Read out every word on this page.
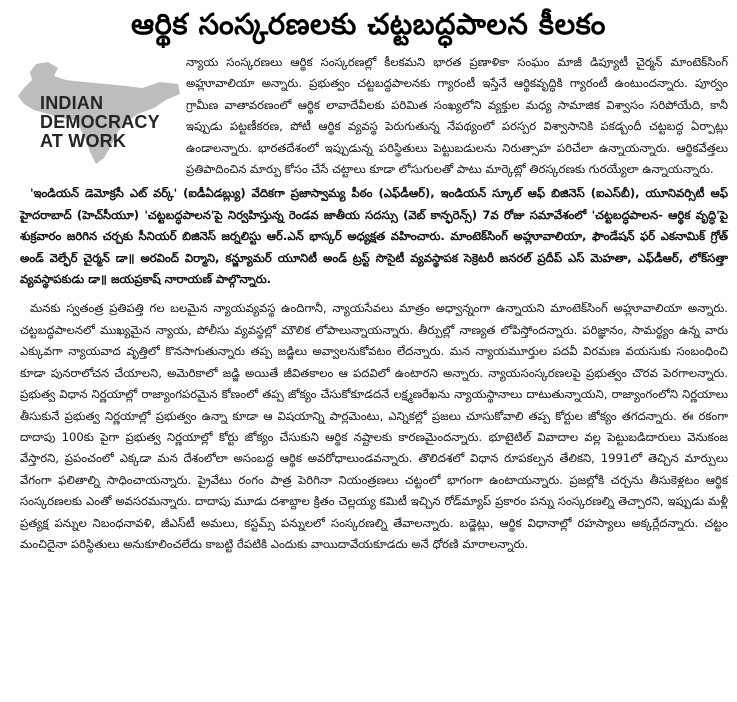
ఆర్థిక సంస్కరణలకు చట్టబద్ధపాలన కీలకం
INDIAN
DEMOCRACY
AT WORK

న్యాయ సంస్కరణలు ఆర్థిక సంస్కరణల్లో కీలకమని భారత ప్రణాళికా సంఘం మాజీ డిప్యూటీ చైర్మన్ మాంటెక్‌సింగ్ అహ్లూవాలియా అన్నారు. ప్రభుత్వం చట్టబద్ధపాలనకు గ్యారంటీ ఇస్తేనే ఆర్థికవృద్ధికి గ్యారంటీ ఉంటుందన్నారు. పూర్వం గ్రామీణ వాతావరణంలో ఆర్థిక లావాదేవీలకు పరిమిత సంఖ్యలోని వ్యక్తుల మధ్య సామాజిక విశ్వాసం సరిపోయేది, కానీ ఇప్పుడు పట్టణీకరణ, పోటీ ఆర్థిక వ్యవస్థ పెరుగుతున్న నేపథ్యంలో పరస్పర విశ్వాసానికి పకడ్బందీ చట్టబద్ధ ఏర్పాట్లు ఉండాలన్నారు. భారతదేశంలో ఇప్పుడున్న పరిస్థితులు పెట్టుబడులను నిరుత్సాహ పరిచేలా ఉన్నాయన్నారు. ఆర్థికవేత్తలు ప్రతిపాదించిన మార్పు కోసం చేసే చట్టాలు కూడా లోసుగులతో పాటు మార్కెట్లో తిరస్కరణకు గురయ్యేలా ఉన్నాయన్నారు.

'ఇండియన్ డెమోక్రసీ ఎట్ వర్క్' (ఐడీఏడబ్ల్యు) వేదికగా ప్రజాస్వామ్య పీఠం (ఎఫ్‌డీఆర్), ఇండియన్ స్కూల్ ఆఫ్ బిజినెస్ (ఐఎస్‌బీ), యూనివర్సిటీ ఆఫ్ హైదరాబాద్ (హెచ్‌సీయూ) 'చట్టబద్ధపాలన'పై నిర్వహిస్తున్న రెండవ జాతీయ సదస్సు (వెబ్ కాన్ఫరెన్స్) 7వ రోజు సమావేశంలో 'చట్టబద్ధపాలన- ఆర్థిక వృద్ధి'పై శుక్రవారం జరిగిన చర్చకు సీనియర్ బిజినెస్ జర్నలిస్టు ఆర్.ఎన్ భాస్కర్ అధ్యక్షత వహించారు. మాంటెక్‌సింగ్ అహ్లూవాలియా, ఫౌండేషన్ ఫర్ ఎకనామిక్ గ్రోత్ అండ్ వెల్ఫేర్ చైర్మన్ డా॥ అరవింద్ విర్మాని, కన్జ్యూమర్ యూనిటీ అండ్ ట్రస్ట్ సొసైటీ వ్యవస్థాపక సెక్రెటరీ జనరల్ ప్రదీప్ ఎస్ మెహతా, ఎఫ్‌డీఆర్, లోక్‌సత్తా వ్యవస్థాపకుడు డా॥ జయప్రకాష్ నారాయణ్ పాల్గొన్నారు.

మనకు స్వతంత్ర ప్రతిపత్తి గల బలమైన న్యాయవ్యవస్థ ఉందిగానీ, న్యాయసేవలు మాత్రం అధ్వాన్నంగా ఉన్నాయని మాంటెక్‌సింగ్ అహ్లూవాలియా అన్నారు. చట్టబద్ధపాలనలో ముఖ్యమైన న్యాయ, పోలీసు వ్యవస్థల్లో మౌలిక లోపాలున్నాయన్నారు. తీర్పుల్లో నాణ్యత లోపిస్తోందన్నారు. పరిజ్ఞానం, సామర్థ్యం ఉన్న వారు ఎక్కువగా న్యాయవాద వృత్తిలో కొనసాగుతున్నారు తప్ప జడ్జిలు అవ్వాలనుకోవటం లేదన్నారు. మన న్యాయమూర్తుల పదవీ విరమణ వయసుకు సంబంధించి కూడా పునరాలోచన చేయాలని, అమెరికాలో జడ్జి అయితే జీవితకాలం ఆ పదవిలో ఉంటారని అన్నారు. న్యాయసంస్కరణలపై ప్రభుత్వం చొరవ పెరగాలన్నారు. ప్రభుత్వ విధాన నిర్ణయాల్లో రాజ్యాంగపరమైన కోణంలో తప్ప జోక్యం చేసుకోకూడదనే లక్ష్మణరేఖను న్యాయస్థానాలు దాటుతున్నాయని, రాజ్యాంగంలోని నిర్ణయాలు తీసుకునే ప్రభుత్వ నిర్ణయాల్లో ప్రభుత్వం ఉన్నా కూడా ఆ విషయాన్ని పార్లమెంటు, ఎన్నికల్లో ప్రజలు చూసుకోవాలి తప్ప కోర్టుల జోక్యం తగదన్నారు. ఈ రకంగా దాదాపు 100కు పైగా ప్రభుత్వ నిర్ణయాల్లో కోర్టు జోక్యం చేసుకుని ఆర్థిక నష్టాలకు కారణమైందన్నారు. భూటైటిల్ వివాదాల వల్ల పెట్టుబడిదారులు వెనుకంజ వేస్తారని, ప్రపంచంలో ఎక్కడా మన దేశంలోలా అసంబద్ధ ఆర్థిక అవరోధాలుండవన్నారు. తొలిదశలో విధాన రూపకల్పన తేలికని, 1991లో తెచ్చిన మార్పులు వేగంగా ఫలితాల్ని సాధించాయన్నారు. ప్రైవేటు రంగం పాత్ర పెరిగినా నియంత్రణలు చట్టంలో భాగంగా ఉంటాయన్నారు. ప్రజల్లోకి చర్చను తీసుకెళ్లటం ఆర్థిక సంస్కరణలకు ఎంతో అవసరమన్నారు. దాదాపు మూడు దశాబ్దాల క్రితం చెల్లయ్య కమిటీ ఇచ్చిన రోడ్‌మ్యాప్ ప్రకారం పన్ను సంస్కరణల్ని తెచ్చారని, ఇప్పుడు మళ్లీ ప్రత్యక్ష పన్నుల నిబంధనావళి, జీఎస్‌టీ అమలు, కస్టమ్స్ పన్నులలో సంస్కరణల్ని తేవాలన్నారు. బడ్జెట్లు, ఆర్థిక విధానాల్లో రహస్యాలు అక్కర్లేదన్నారు. చట్టం మంచిదైనా పరిస్థితులు అనుకూలించలేదు కాబట్టి రేపటికి ఎందుకు వాయిదావేయకూడదు అనే ధోరణి మారాలన్నారు.
